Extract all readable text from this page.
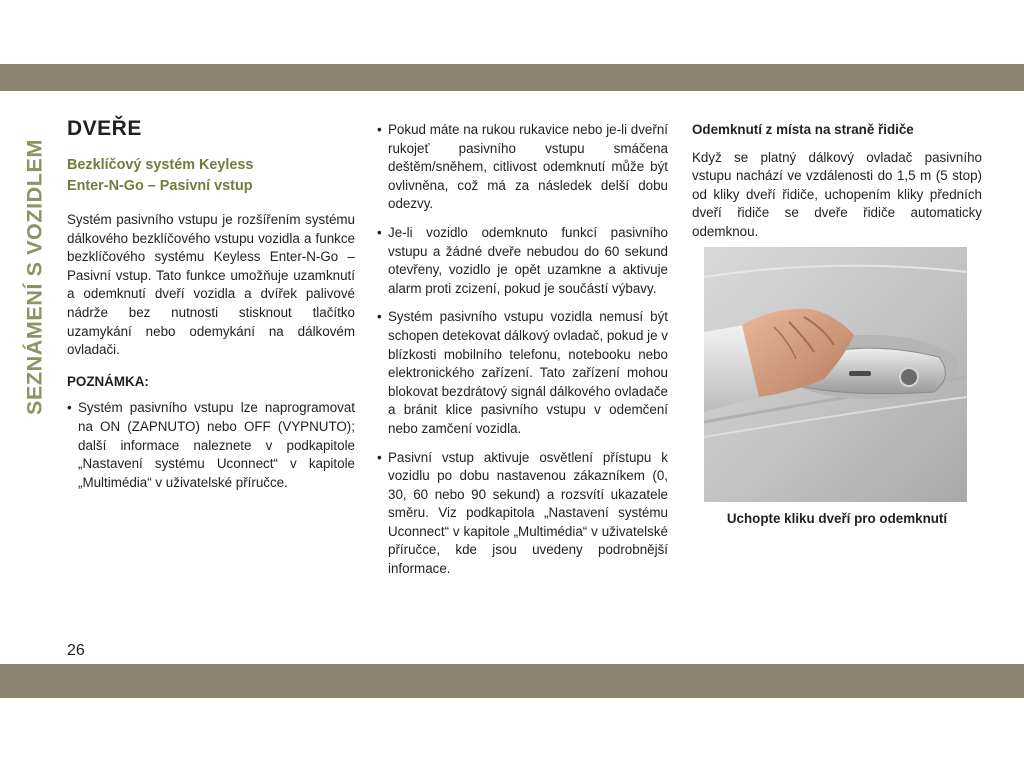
SEZNÁMENÍ S VOZIDLEM
DVEŘE
Bezklíčový systém Keyless
Enter-N-Go – Pasivní vstup

Systém pasivního vstupu je rozšířením systému dálkového bezklíčového vstupu vozidla a funkce bezklíčového systému Keyless Enter-N-Go – Pasivní vstup. Tato funkce umožňuje uzamknutí a odemknutí dveří vozidla a dvířek palivové nádrže bez nutnosti stisknout tlačítko uzamykání nebo odemykání na dálkovém ovladači.

POZNÁMKA:
• Systém pasivního vstupu lze naprogramovat na ON (ZAPNUTO) nebo OFF (VYPNUTO); další informace naleznete v podkapitole „Nastavení systému Uconnect“ v kapitole „Multimédia“ v uživatelské příručce.
• Pokud máte na rukou rukavice nebo je-li dveřní rukojeť pasivního vstupu smáčena deštěm/sněhem, citlivost odemknutí může být ovlivněna, což má za následek delší dobu odezvy.
• Je-li vozidlo odemknuto funkcí pasivního vstupu a žádné dveře nebudou do 60 sekund otevřeny, vozidlo je opět uzamkne a aktivuje alarm proti zcizení, pokud je součástí výbavy.
• Systém pasivního vstupu vozidla nemusí být schopen detekovat dálkový ovladač, pokud je v blízkosti mobilního telefonu, notebooku nebo elektronického zařízení. Tato zařízení mohou blokovat bezdrátový signál dálkového ovladače a bránit klice pasivního vstupu v odemčení nebo zamčení vozidla.
• Pasivní vstup aktivuje osvětlení přístupu k vozidlu po dobu nastavenou zákazníkem (0, 30, 60 nebo 90 sekund) a rozsvítí ukazatele směru. Viz podkapitola „Nastavení systému Uconnect“ v kapitole „Multimédia“ v uživatelské příručce, kde jsou uvedeny podrobnější informace.
Odemknutí z místa na straně řidiče

Když se platný dálkový ovladač pasivního vstupu nachází ve vzdálenosti do 1,5 m (5 stop) od kliky dveří řidiče, uchopením kliky předních dveří řidiče se dveře řidiče automaticky odemknou.

Uchopte kliku dveří pro odemknutí
26
